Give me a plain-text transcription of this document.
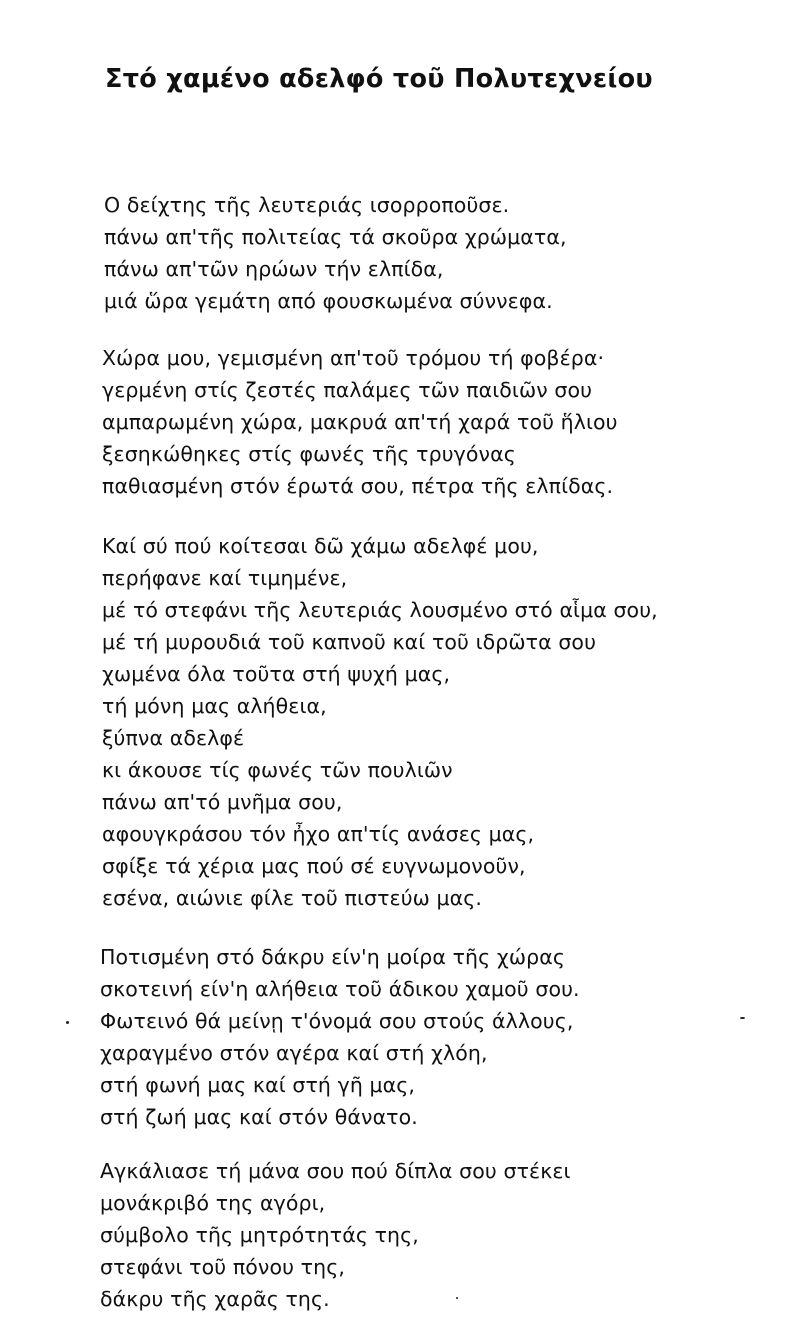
Στό χαμένο αδελφό τοῦ Πολυτεχνείου
Ο δείχτης τῆς λευτεριάς ισορροποῦσε.
πάνω απ'τῆς πολιτείας τά σκοῦρα χρώματα,
πάνω απ'τῶν ηρώων τήν ελπίδα,
μιά ὥρα γεμάτη από φουσκωμένα σύννεφα.
Χώρα μου, γεμισμένη απ'τοῦ τρόμου τή φοβέρα·
γερμένη στίς ζεστές παλάμες τῶν παιδιῶν σου
αμπαρωμένη χώρα, μακρυά απ'τή χαρά τοῦ ἥλιου
ξεσηκώθηκες στίς φωνές τῆς τρυγόνας
παθιασμένη στόν έρωτά σου, πέτρα τῆς ελπίδας.
Καί σύ πού κοίτεσαι δῶ χάμω αδελφέ μου,
περήφανε καί τιμημένε,
μέ τό στεφάνι τῆς λευτεριάς λουσμένο στό αἷμα σου,
μέ τή μυρουδιά τοῦ καπνοῦ καί τοῦ ιδρῶτα σου
χωμένα όλα τοῦτα στή ψυχή μας,
τή μόνη μας αλήθεια,
ξύπνα αδελφέ
κι άκουσε τίς φωνές τῶν πουλιῶν
πάνω απ'τό μνῆμα σου,
αφουγκράσου τόν ἦχο απ'τίς ανάσες μας,
σφίξε τά χέρια μας πού σέ ευγνωμονοῦν,
εσένα, αιώνιε φίλε τοῦ πιστεύω μας.
Ποτισμένη στό δάκρυ είν'η μοίρα τῆς χώρας
σκοτεινή είν'η αλήθεια τοῦ άδικου χαμοῦ σου.
Φωτεινό θά μείνῃ τ'όνομά σου στούς άλλους,
χαραγμένο στόν αγέρα καί στή χλόη,
στή φωνή μας καί στή γῆ μας,
στή ζωή μας καί στόν θάνατο.
Αγκάλιασε τή μάνα σου πού δίπλα σου στέκει
μονάκριβό της αγόρι,
σύμβολο τῆς μητρότητάς της,
στεφάνι τοῦ πόνου της,
δάκρυ τῆς χαρᾶς της.
